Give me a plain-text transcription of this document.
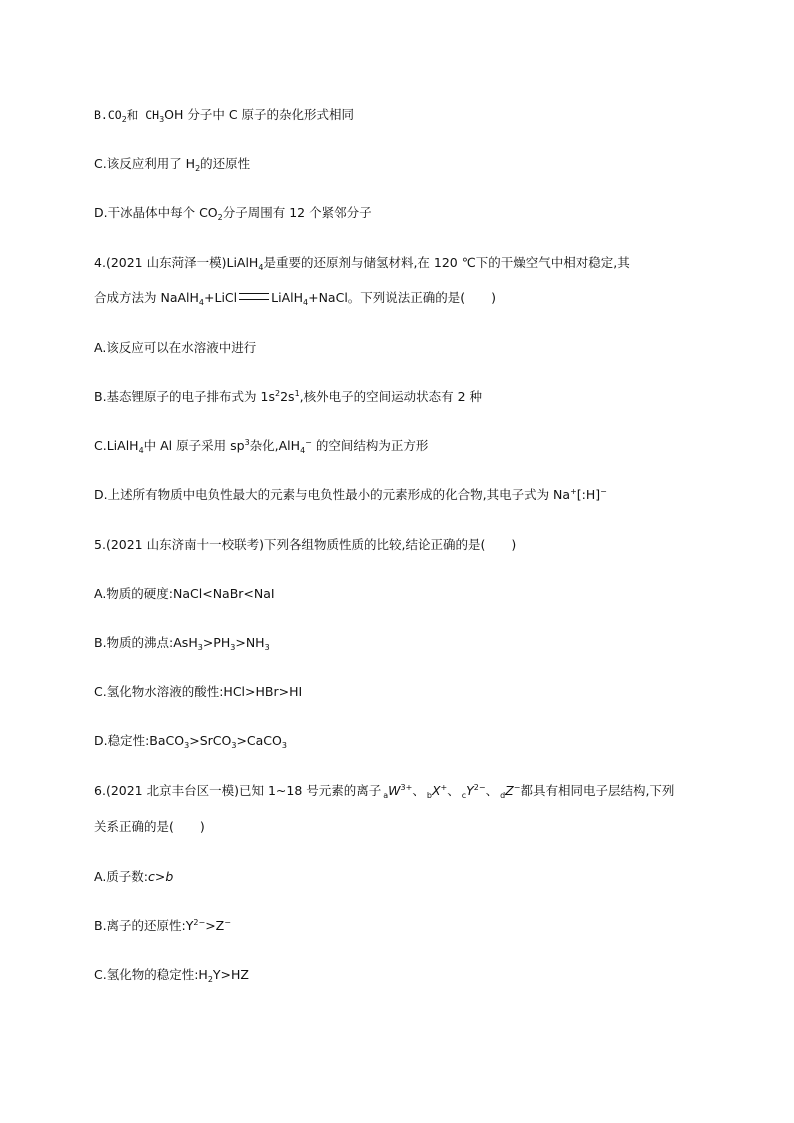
$B.CO_2$和 $CH_3OH$ 分子中 C 原子的杂化形式相同
C.该反应利用了 $H_2$的还原性
D.干冰晶体中每个 $CO_2$分子周围有 12 个紧邻分子
4.(2021 山东菏泽一模)LiAlH$_4$是重要的还原剂与储氢材料,在 120 ℃下的干燥空气中相对稳定,其
合成方法为 NaAlH$_4$+LiCl	LiAlH$_4$+NaCl。下列说法正确的是( )
A.该反应可以在水溶液中进行
B.基态锂原子的电子排布式为 $1s^22s^1$,核外电子的空间运动状态有 2 种
C.LiAlH$_4$中 Al 原子采用 $sp^3$杂化,AlH$_4$− 的空间结构为正方形
D.上述所有物质中电负性最大的元素与电负性最小的元素形成的化合物,其电子式为 Na+[:H]−
5.(2021 山东济南十一校联考)下列各组物质性质的比较,结论正确的是( )
A.物质的硬度:NaCl<NaBr<NaI
B.物质的沸点$:AsH_3>PH_3>NH_3$
C.氢化物水溶液的酸性:HCl>HBr>HI
D.稳定性:BaCO$_3$>SrCO$_3$>CaCO$_3$
6.(2021 北京丰台区一模)已知 1~18 号元素的离子 $_aW^{3+}$、 $_b$X+、 $_cY^{2-}$、 $_d$Z−都具有相同电子层结构,下列
关系正确的是( )
A.质子数:c>b
B.离子的还原性$:Y^{2-}>Z^-$
C.氢化物的稳定性$:H_2Y>HZ$
